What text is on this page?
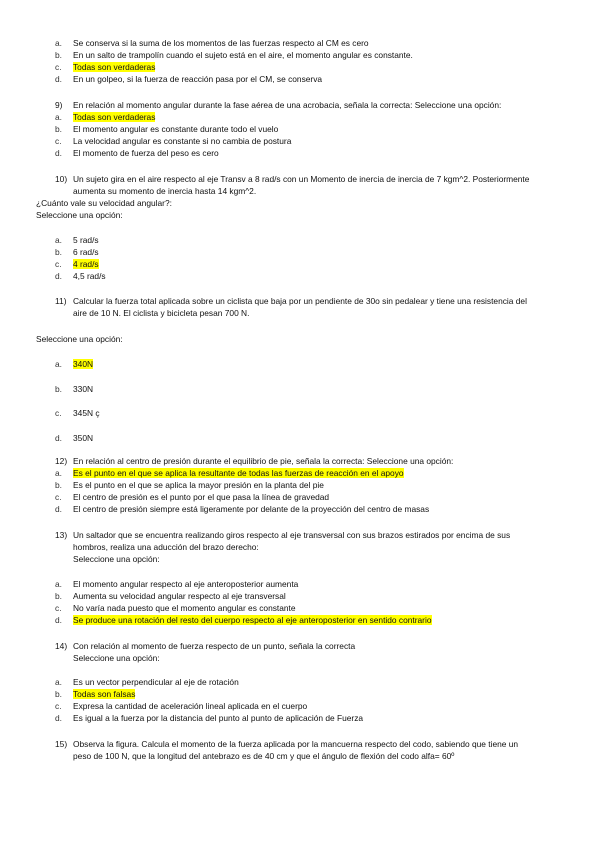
a. Se conserva si la suma de los momentos de las fuerzas respecto al CM es cero
b. En un salto de trampolín cuando el sujeto está en el aire, el momento angular es constante.
c. Todas son verdaderas
d. En un golpeo, si la fuerza de reacción pasa por el CM, se conserva
9) En relación al momento angular durante la fase aérea de una acrobacia, señala la correcta: Seleccione una opción:
a. Todas son verdaderas
b. El momento angular es constante durante todo el vuelo
c. La velocidad angular es constante si no cambia de postura
d. El momento de fuerza del peso es cero
10) Un sujeto gira en el aire respecto al eje Transv a 8 rad/s con un Momento de inercia de inercia de 7 kgm^2. Posteriormente
aumenta su momento de inercia hasta 14 kgm^2.
¿Cuánto vale su velocidad angular?:
Seleccione una opción:
a. 5 rad/s
b. 6 rad/s
c. 4 rad/s
d. 4,5 rad/s
11) Calcular la fuerza total aplicada sobre un ciclista que baja por un pendiente de 30o sin pedalear y tiene una resistencia del
aire de 10 N. El ciclista y bicicleta pesan 700 N.
Seleccione una opción:
a. 340N
b. 330N
c. 345N ç
d. 350N
12) En relación al centro de presión durante el equilibrio de pie, señala la correcta: Seleccione una opción:
a. Es el punto en el que se aplica la resultante de todas las fuerzas de reacción en el apoyo
b. Es el punto en el que se aplica la mayor presión en la planta del pie
c. El centro de presión es el punto por el que pasa la línea de gravedad
d. El centro de presión siempre está ligeramente por delante de la proyección del centro de masas
13) Un saltador que se encuentra realizando giros respecto al eje transversal con sus brazos estirados por encima de sus
hombros, realiza una aducción del brazo derecho:
Seleccione una opción:
a. El momento angular respecto al eje anteroposterior aumenta
b. Aumenta su velocidad angular respecto al eje transversal
c. No varía nada puesto que el momento angular es constante
d. Se produce una rotación del resto del cuerpo respecto al eje anteroposterior en sentido contrario
14) Con relación al momento de fuerza respecto de un punto, señala la correcta
Seleccione una opción:
a. Es un vector perpendicular al eje de rotación
b. Todas son falsas
c. Expresa la cantidad de aceleración lineal aplicada en el cuerpo
d. Es igual a la fuerza por la distancia del punto al punto de aplicación de Fuerza
15) Observa la figura. Calcula el momento de la fuerza aplicada por la mancuerna respecto del codo, sabiendo que tiene un
peso de 100 N, que la longitud del antebrazo es de 40 cm y que el ángulo de flexión del codo alfa= 60º
